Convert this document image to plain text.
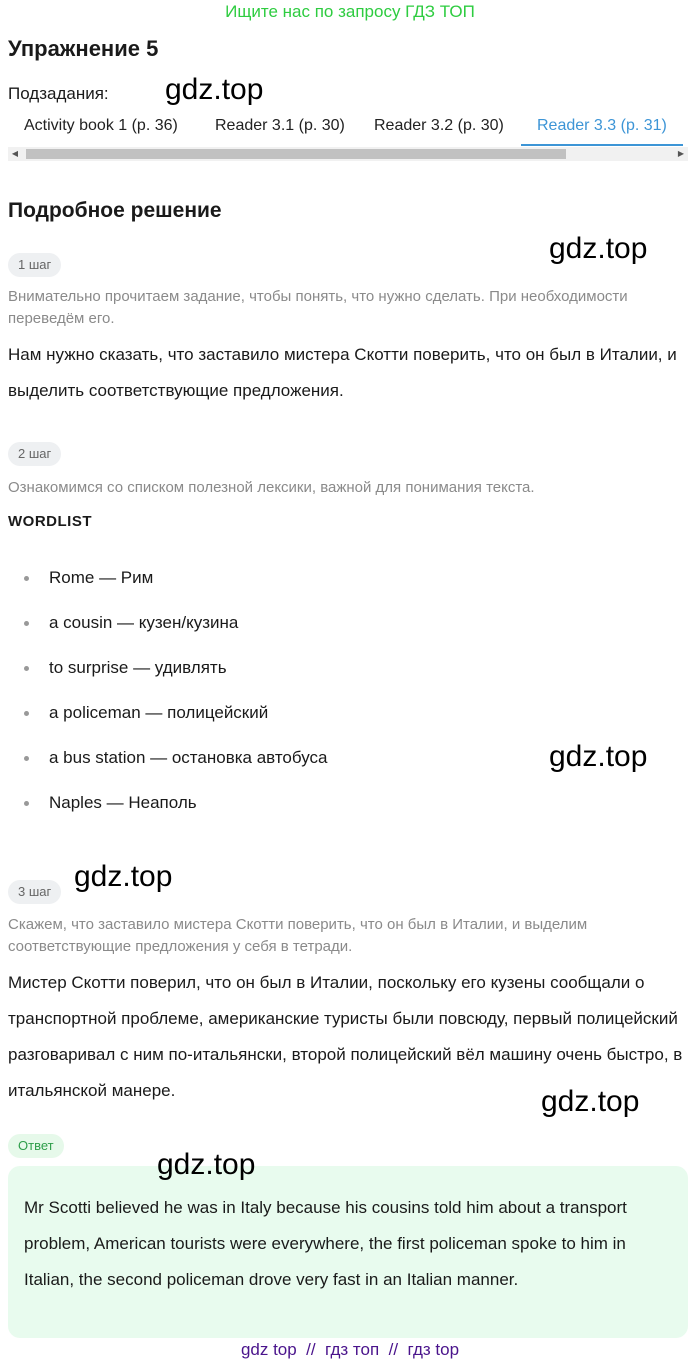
Ищите нас по запросу ГДЗ ТОП
Упражнение 5
Подзадания: gdz.top
Activity book 1 (p. 36) Reader 3.1 (p. 30) Reader 3.2 (p. 30)	Reader 3.3 (p. 31)
◀	▶
Подробное решение
gdz.top
1 шаг
Внимательно прочитаем задание, чтобы понять, что нужно сделать. При необходимости переведём его.
Нам нужно сказать, что заставило мистера Скотти поверить, что он был в Италии, и выделить соответствующие предложения.
2 шаг
Ознакомимся со списком полезной лексики, важной для понимания текста.
WORDLIST
Rome — Рим
a cousin — кузен/кузина
to surprise — удивлять
a policeman — полицейский
a bus station — остановка автобуса
Naples — Неаполь
gdz.top
3 шаг gdz.top
Скажем, что заставило мистера Скотти поверить, что он был в Италии, и выделим соответствующие предложения у себя в тетради.
Мистер Скотти поверил, что он был в Италии, поскольку его кузены сообщали о транспортной проблеме, американские туристы были повсюду, первый полицейский разговаривал с ним по-итальянски, второй полицейский вёл машину очень быстро, в итальянской манере.	gdz.top
Ответ
Mr Scotti believed he was in Italy because his cousins told him about a transport problem, American tourists were everywhere, the first policeman spoke to him in Italian, the second policeman drove very fast in an Italian manner.
gdz.top
gdz top  //  гдз топ  //  гдз top
